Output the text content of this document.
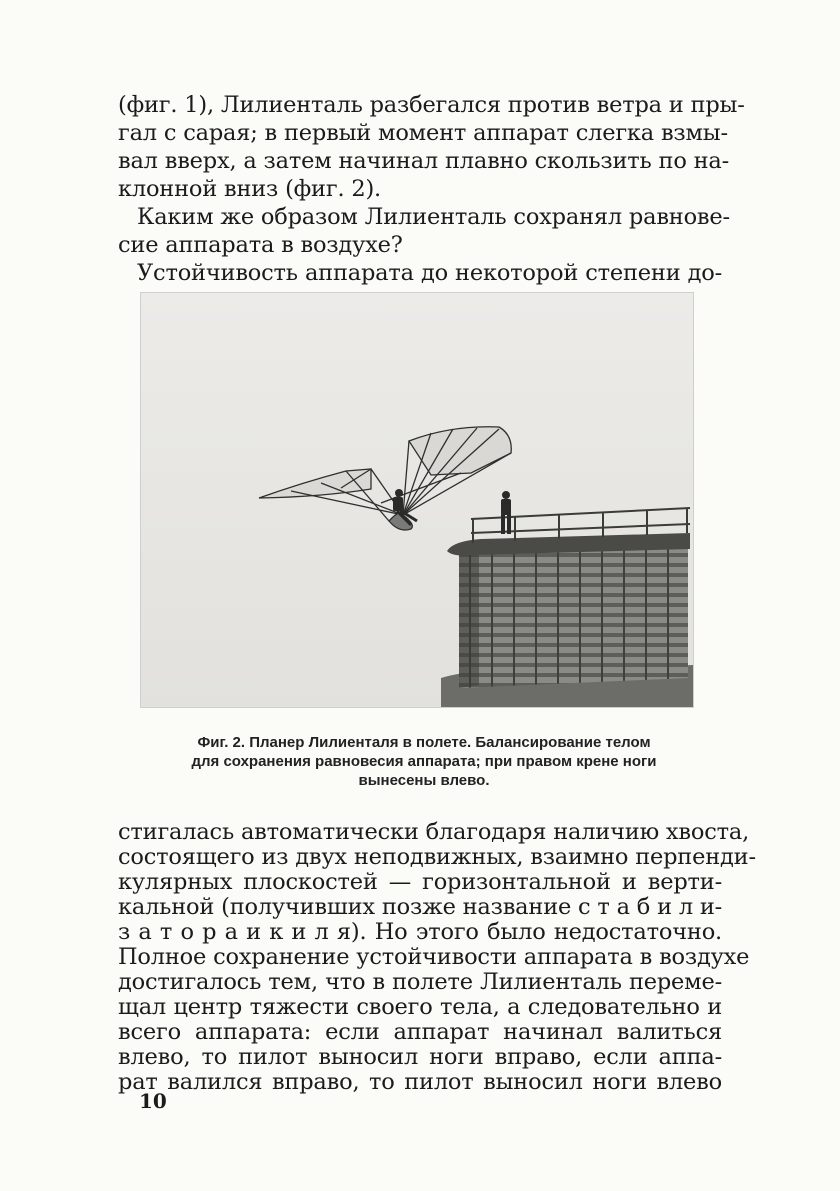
(фиг. 1), Лилиенталь разбегался против ветра и пры-
гал с сарая; в первый момент аппарат слегка взмы-
вал вверх, а затем начинал плавно скользить по на-
клонной вниз (фиг. 2).
Каким же образом Лилиенталь сохранял равнове-
сие аппарата в воздухе?
Устойчивость аппарата до некоторой степени до-
Фиг. 2. Планер Лилиенталя в полете. Балансирование телом
для сохранения равновесия аппарата; при правом крене ноги
вынесены влево.
стигалась автоматически благодаря наличию хвоста,
состоящего из двух неподвижных, взаимно перпенди-
кулярных плоскостей — горизонтальной и верти-
кальной (получивших позже название с т а б и л и-
з а т о р а и к и л я). Но этого было недостаточно.
Полное сохранение устойчивости аппарата в воздухе
достигалось тем, что в полете Лилиенталь переме-
щал центр тяжести своего тела, а следовательно и
всего аппарата: если аппарат начинал валиться
влево, то пилот выносил ноги вправо, если аппа-
рат валился вправо, то пилот выносил ноги влево
10
